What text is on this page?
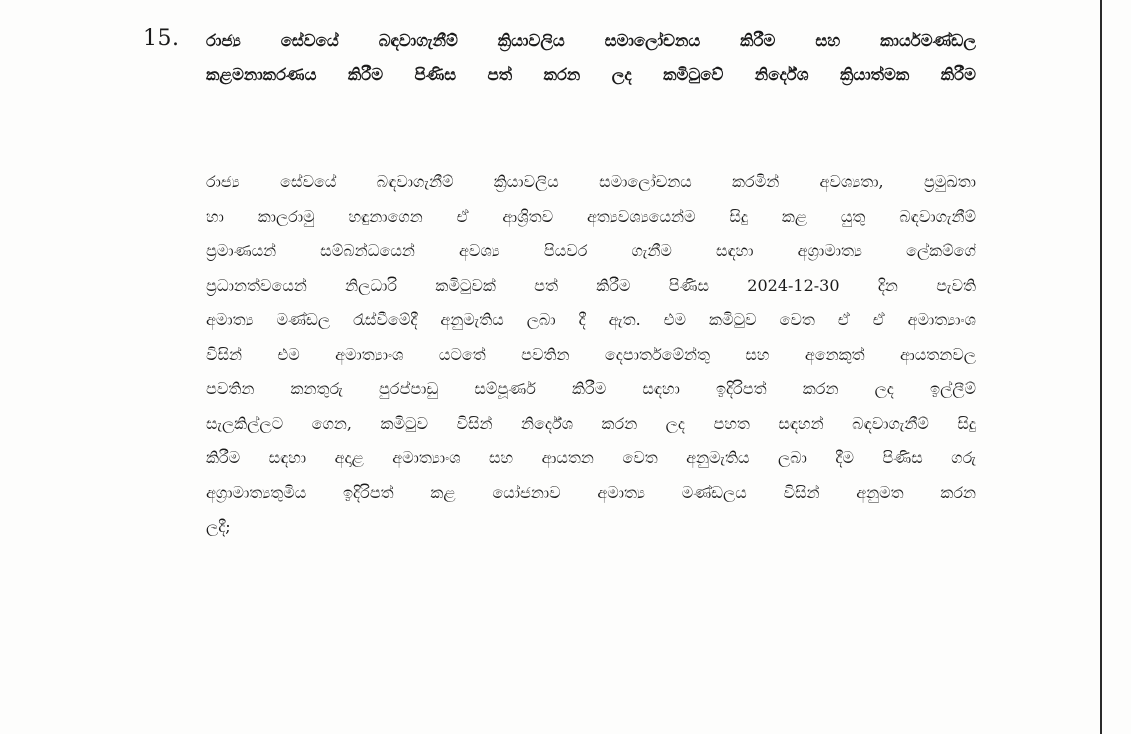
15. රාජ්‍ය සේවයේ බඳවාගැනීම් ක්‍රියාවලිය සමාලෝචනය කිරීම සහ කාර්යමණ්ඩල
කළමනාකරණය කිරීම පිණිස පත් කරන ලද කමිටුවේ නිර්දේශ ක්‍රියාත්මක කිරීම
රාජ්‍ය සේවයේ බඳවාගැනීම් ක්‍රියාවලිය සමාලෝචනය කරමින් අවශ්‍යතා, ප්‍රමුඛතා
හා කාලරාමු හඳුනාගෙන ඒ ආශ්‍රිතව අත්‍යවශ්‍යයෙන්ම සිදු කළ යුතු බඳවාගැනීම්
ප්‍රමාණයන් සම්බන්ධයෙන් අවශ්‍ය පියවර ගැනීම සඳහා අග්‍රාමාත්‍ය ලේකම්ගේ
ප්‍රධානත්වයෙන් නිලධාරි කමිටුවක් පත් කිරීම පිණිස 2024-12-30 දින පැවති
අමාත්‍ය මණ්ඩල රැස්වීමේදී අනුමැතිය ලබා දී ඇත. එම කමිටුව වෙත ඒ ඒ අමාත්‍යාංශ
විසින් එම අමාත්‍යාංශ යටතේ පවතින දෙපාර්තමේන්තු සහ අනෙකුත් ආයතනවල
පවතින කනතුරු පුරප්පාඩු සම්පූර්ණ කිරීම සඳහා ඉදිරිපත් කරන ලද ඉල්ලීම්
සැලකිල්ලට ගෙන, කමිටුව විසින් නිර්දේශ කරන ලද පහත සඳහන් බඳවාගැනීම් සිදු
කිරීම සඳහා අදාළ අමාත්‍යාංශ සහ ආයතන වෙත අනුමැතිය ලබා දීම පිණිස ගරු
අග්‍රාමාත්‍යතුමිය ඉදිරිපත් කළ යෝජනාව අමාත්‍ය මණ්ඩලය විසින් අනුමත කරන
ලදී;
